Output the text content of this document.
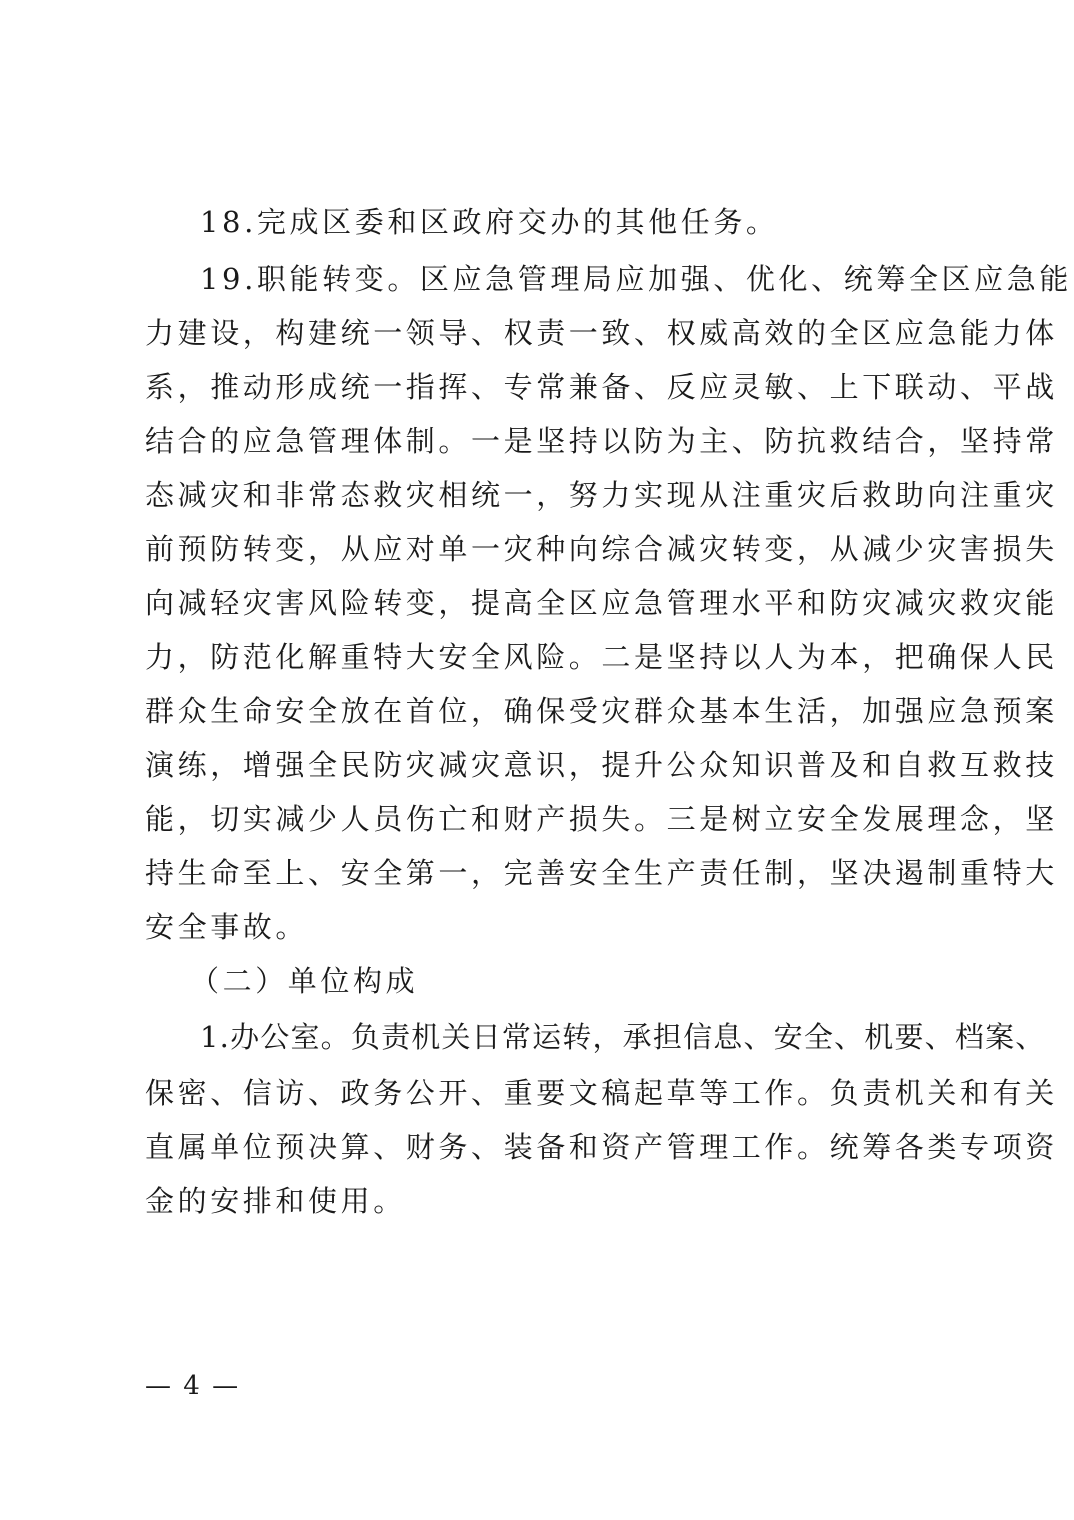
18.完成区委和区政府交办的其他任务。
19.职能转变。区应急管理局应加强、优化、统筹全区应急能
力建设，构建统一领导、权责一致、权威高效的全区应急能力体
系，推动形成统一指挥、专常兼备、反应灵敏、上下联动、平战
结合的应急管理体制。一是坚持以防为主、防抗救结合，坚持常
态减灾和非常态救灾相统一，努力实现从注重灾后救助向注重灾
前预防转变，从应对单一灾种向综合减灾转变，从减少灾害损失
向减轻灾害风险转变，提高全区应急管理水平和防灾减灾救灾能
力，防范化解重特大安全风险。二是坚持以人为本，把确保人民
群众生命安全放在首位，确保受灾群众基本生活，加强应急预案
演练，增强全民防灾减灾意识，提升公众知识普及和自救互救技
能，切实减少人员伤亡和财产损失。三是树立安全发展理念，坚
持生命至上、安全第一，完善安全生产责任制，坚决遏制重特大
安全事故。
（二）单位构成
1.办公室。负责机关日常运转，承担信息、安全、机要、档案、
保密、信访、政务公开、重要文稿起草等工作。负责机关和有关
直属单位预决算、财务、装备和资产管理工作。统筹各类专项资
金的安排和使用。
— 4 —
